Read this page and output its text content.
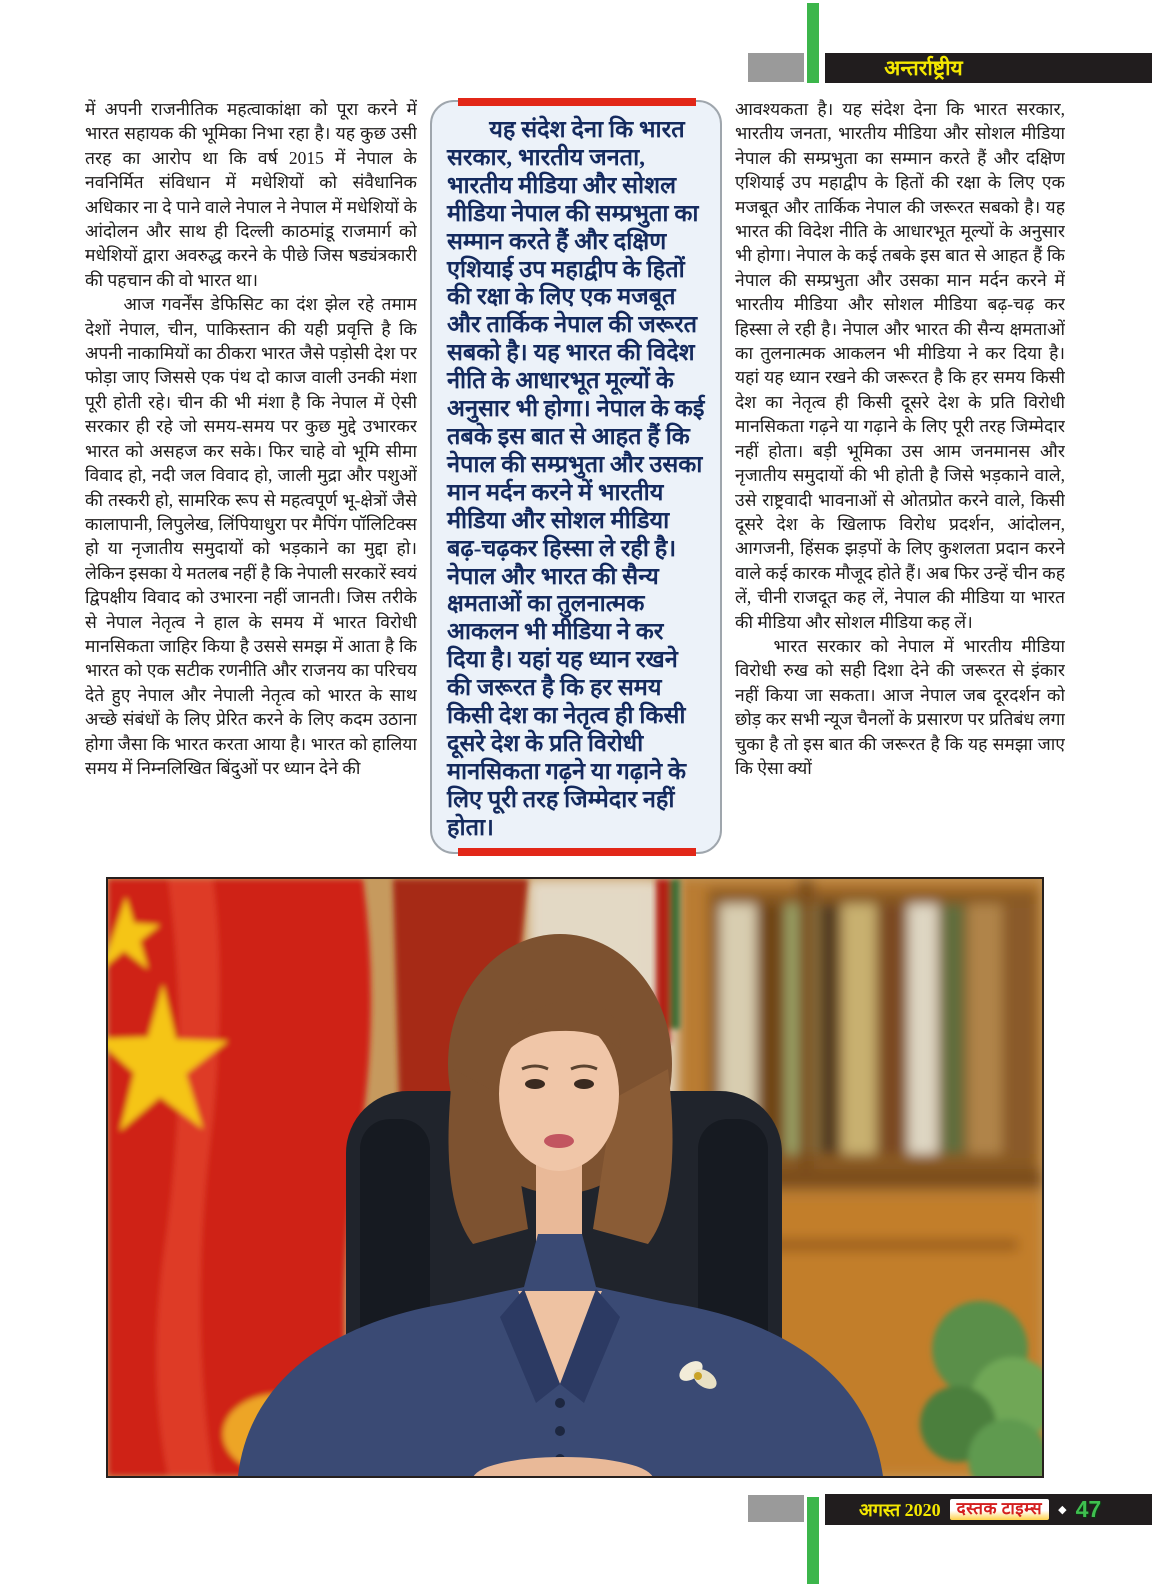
अन्तर्राष्ट्रीय

में अपनी राजनीतिक महत्वाकांक्षा को पूरा करने में भारत सहायक की भूमिका निभा रहा है। यह कुछ उसी तरह का आरोप था कि वर्ष 2015 में नेपाल के नवनिर्मित संविधान में मधेशियों को संवैधानिक अधिकार ना दे पाने वाले नेपाल ने नेपाल में मधेशियों के आंदोलन और साथ ही दिल्ली काठमांडू राजमार्ग को मधेशियों द्वारा अवरुद्ध करने के पीछे जिस षड्यंत्रकारी की पहचान की वो भारत था।

आज गवर्नेंस डेफिसिट का दंश झेल रहे तमाम देशों नेपाल, चीन, पाकिस्तान की यही प्रवृत्ति है कि अपनी नाकामियों का ठीकरा भारत जैसे पड़ोसी देश पर फोड़ा जाए जिससे एक पंथ दो काज वाली उनकी मंशा पूरी होती रहे। चीन की भी मंशा है कि नेपाल में ऐसी सरकार ही रहे जो समय-समय पर कुछ मुद्दे उभारकर भारत को असहज कर सके। फिर चाहे वो भूमि सीमा विवाद हो, नदी जल विवाद हो, जाली मुद्रा और पशुओं की तस्करी हो, सामरिक रूप से महत्वपूर्ण भू-क्षेत्रों जैसे कालापानी, लिपुलेख, लिंपियाधुरा पर मैपिंग पॉलिटिक्स हो या नृजातीय समुदायों को भड़काने का मुद्दा हो। लेकिन इसका ये मतलब नहीं है कि नेपाली सरकारें स्वयं द्विपक्षीय विवाद को उभारना नहीं जानती। जिस तरीके से नेपाल नेतृत्व ने हाल के समय में भारत विरोधी मानसिकता जाहिर किया है उससे समझ में आता है कि भारत को एक सटीक रणनीति और राजनय का परिचय देते हुए नेपाल और नेपाली नेतृत्व को भारत के साथ अच्छे संबंधों के लिए प्रेरित करने के लिए कदम उठाना होगा जैसा कि भारत करता आया है। भारत को हालिया समय में निम्नलिखित बिंदुओं पर ध्यान देने की

यह संदेश देना कि भारत सरकार, भारतीय जनता, भारतीय मीडिया और सोशल मीडिया नेपाल की सम्प्रभुता का सम्मान करते हैं और दक्षिण एशियाई उप महाद्वीप के हितों की रक्षा के लिए एक मजबूत और तार्किक नेपाल की जरूरत सबको है। यह भारत की विदेश नीति के आधारभूत मूल्यों के अनुसार भी होगा। नेपाल के कई तबके इस बात से आहत हैं कि नेपाल की सम्प्रभुता और उसका मान मर्दन करने में भारतीय मीडिया और सोशल मीडिया बढ़-चढ़कर हिस्सा ले रही है। नेपाल और भारत की सैन्य क्षमताओं का तुलनात्मक आकलन भी मीडिया ने कर दिया है। यहां यह ध्यान रखने की जरूरत है कि हर समय किसी देश का नेतृत्व ही किसी दूसरे देश के प्रति विरोधी मानसिकता गढ़ने या गढ़ाने के लिए पूरी तरह जिम्मेदार नहीं होता।

आवश्यकता है। यह संदेश देना कि भारत सरकार, भारतीय जनता, भारतीय मीडिया और सोशल मीडिया नेपाल की सम्प्रभुता का सम्मान करते हैं और दक्षिण एशियाई उप महाद्वीप के हितों की रक्षा के लिए एक मजबूत और तार्किक नेपाल की जरूरत सबको है। यह भारत की विदेश नीति के आधारभूत मूल्यों के अनुसार भी होगा। नेपाल के कई तबके इस बात से आहत हैं कि नेपाल की सम्प्रभुता और उसका मान मर्दन करने में भारतीय मीडिया और सोशल मीडिया बढ़-चढ़ कर हिस्सा ले रही है। नेपाल और भारत की सैन्य क्षमताओं का तुलनात्मक आकलन भी मीडिया ने कर दिया है। यहां यह ध्यान रखने की जरूरत है कि हर समय किसी देश का नेतृत्व ही किसी दूसरे देश के प्रति विरोधी मानसिकता गढ़ने या गढ़ाने के लिए पूरी तरह जिम्मेदार नहीं होता। बड़ी भूमिका उस आम जनमानस और नृजातीय समुदायों की भी होती है जिसे भड़काने वाले, उसे राष्ट्रवादी भावनाओं से ओतप्रोत करने वाले, किसी दूसरे देश के खिलाफ विरोध प्रदर्शन, आंदोलन, आगजनी, हिंसक झड़पों के लिए कुशलता प्रदान करने वाले कई कारक मौजूद होते हैं। अब फिर उन्हें चीन कह लें, चीनी राजदूत कह लें, नेपाल की मीडिया या भारत की मीडिया और सोशल मीडिया कह लें।

भारत सरकार को नेपाल में भारतीय मीडिया विरोधी रुख को सही दिशा देने की जरूरत से इंकार नहीं किया जा सकता। आज नेपाल जब दूरदर्शन को छोड़ कर सभी न्यूज चैनलों के प्रसारण पर प्रतिबंध लगा चुका है तो इस बात की जरूरत है कि यह समझा जाए कि ऐसा क्यों

अगस्त 2020 दस्तक टाइम्स	◆ 47
